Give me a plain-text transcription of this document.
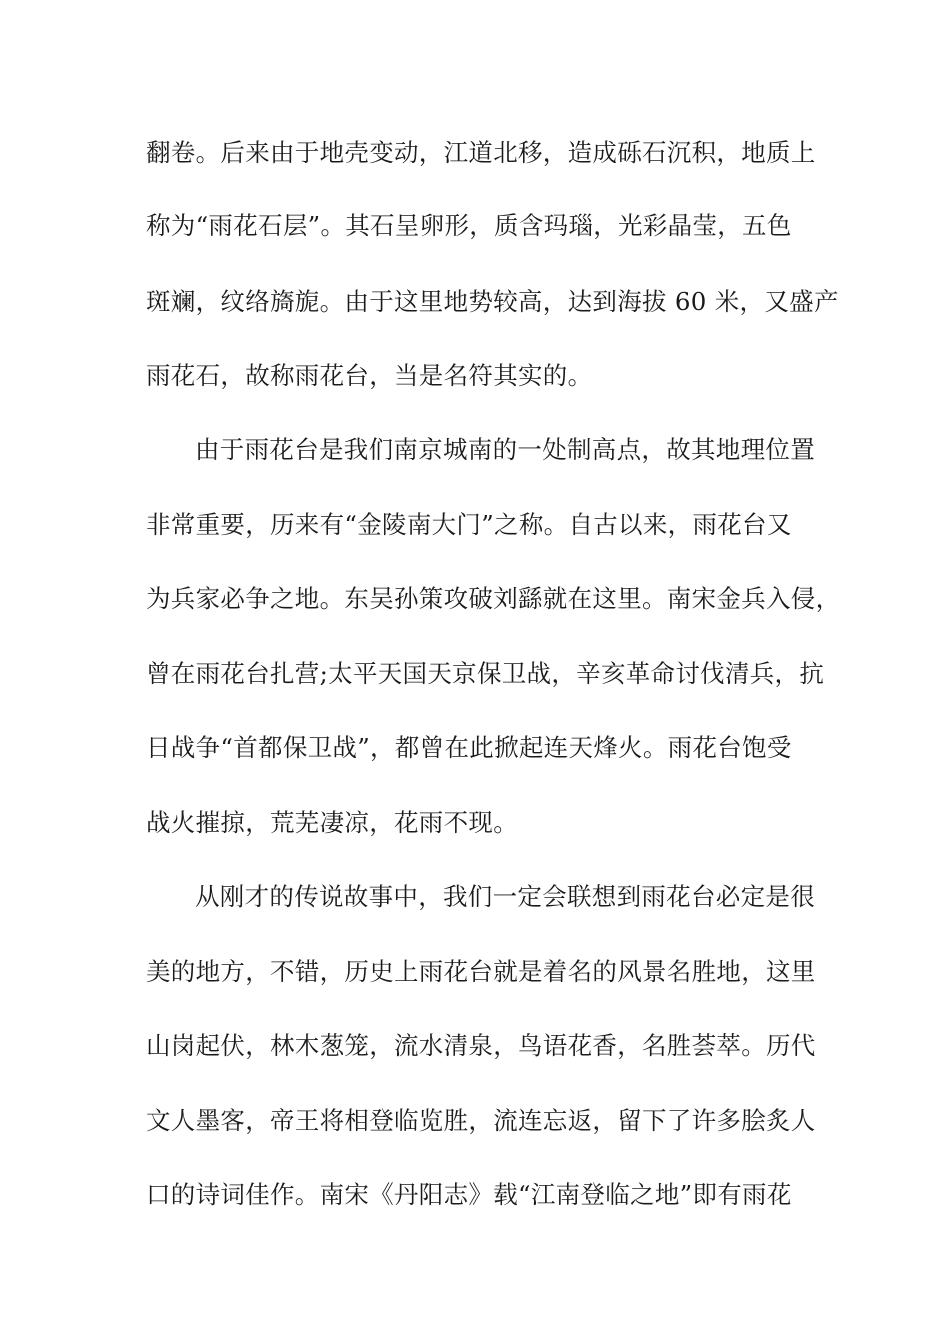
翻卷。后来由于地壳变动，江道北移，造成砾石沉积，地质上
称为“雨花石层”。其石呈卵形，质含玛瑙，光彩晶莹，五色
斑斓，纹络旖旎。由于这里地势较高，达到海拔 60 米，又盛产
雨花石，故称雨花台，当是名符其实的。
由于雨花台是我们南京城南的一处制高点，故其地理位置
非常重要，历来有“金陵南大门”之称。自古以来，雨花台又
为兵家必争之地。东吴孙策攻破刘繇就在这里。南宋金兵入侵，
曾在雨花台扎营;太平天国天京保卫战，辛亥革命讨伐清兵，抗
日战争“首都保卫战”，都曾在此掀起连天烽火。雨花台饱受
战火摧掠，荒芜凄凉，花雨不现。
从刚才的传说故事中，我们一定会联想到雨花台必定是很
美的地方，不错，历史上雨花台就是着名的风景名胜地，这里
山岗起伏，林木葱笼，流水清泉，鸟语花香，名胜荟萃。历代
文人墨客，帝王将相登临览胜，流连忘返，留下了许多脍炙人
口的诗词佳作。南宋《丹阳志》载“江南登临之地”即有雨花
